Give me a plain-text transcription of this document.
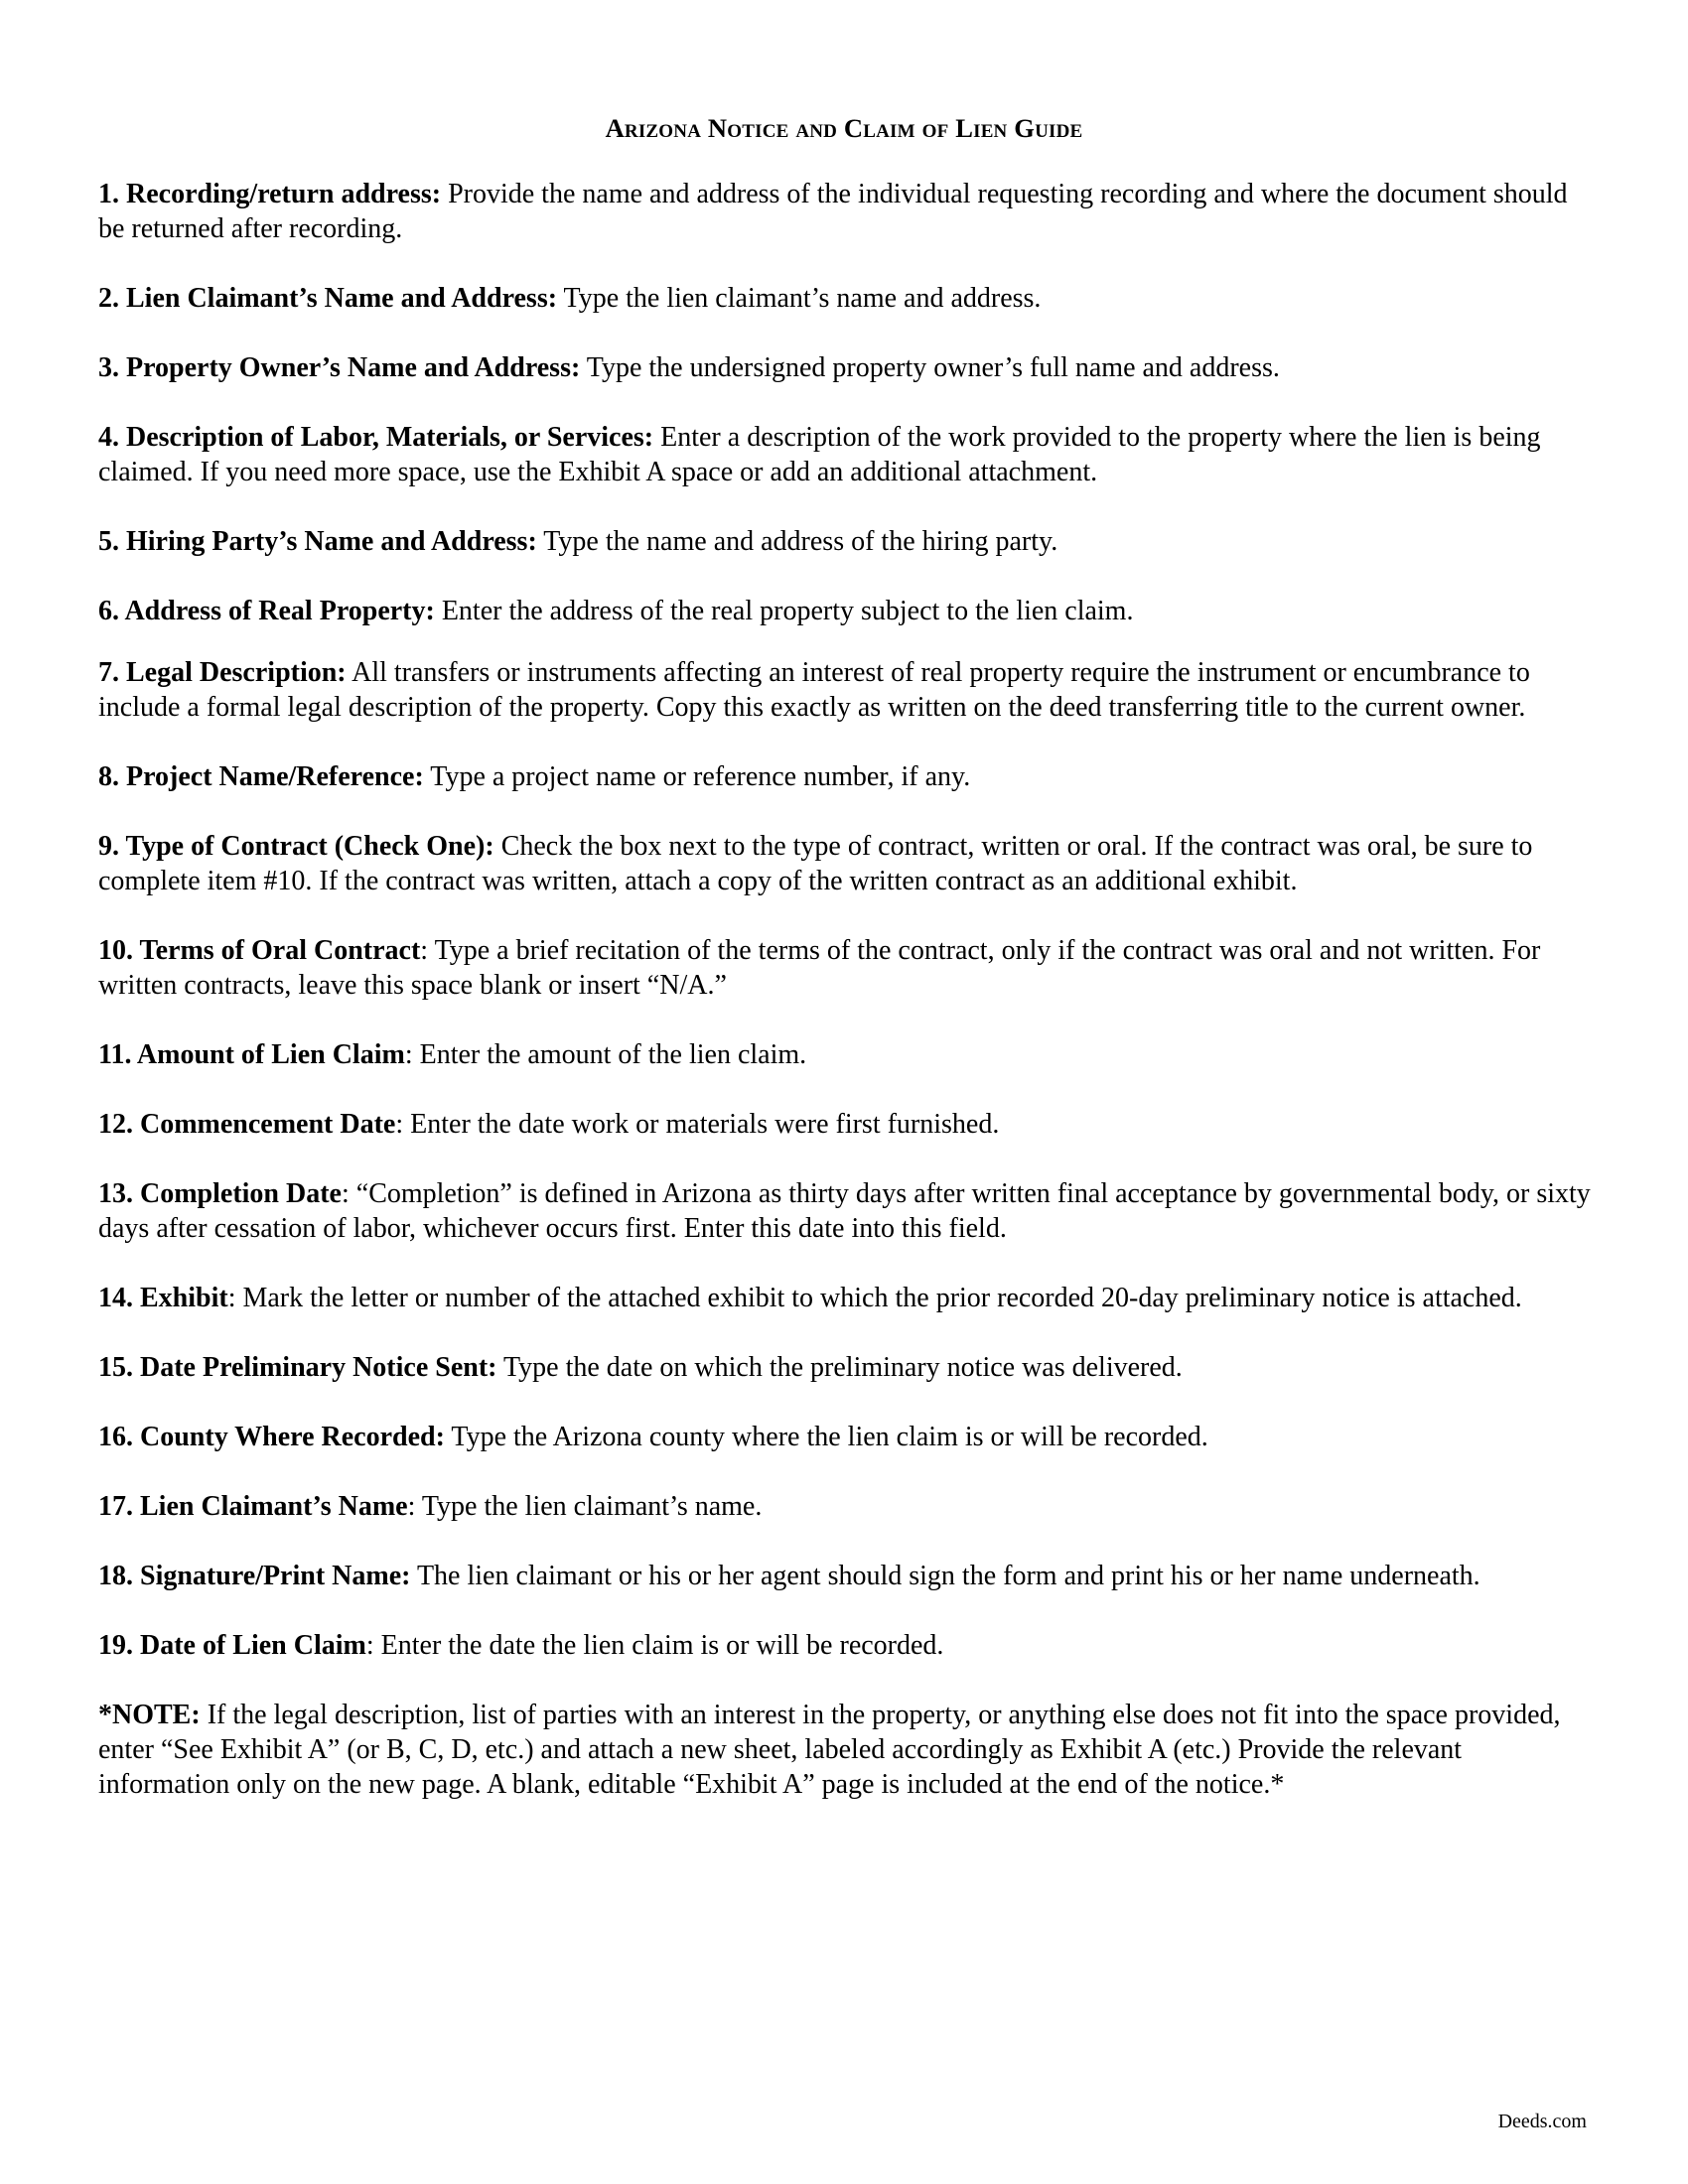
Arizona Notice and Claim of Lien Guide

1. Recording/return address: Provide the name and address of the individual requesting recording and where the document should be returned after recording.

2. Lien Claimant’s Name and Address: Type the lien claimant’s name and address.

3. Property Owner’s Name and Address: Type the undersigned property owner’s full name and address.

4. Description of Labor, Materials, or Services: Enter a description of the work provided to the property where the lien is being claimed. If you need more space, use the Exhibit A space or add an additional attachment.

5. Hiring Party’s Name and Address: Type the name and address of the hiring party.

6. Address of Real Property: Enter the address of the real property subject to the lien claim.

7. Legal Description: All transfers or instruments affecting an interest of real property require the instrument or encumbrance to include a formal legal description of the property. Copy this exactly as written on the deed transferring title to the current owner.

8. Project Name/Reference: Type a project name or reference number, if any.

9. Type of Contract (Check One): Check the box next to the type of contract, written or oral. If the contract was oral, be sure to complete item #10. If the contract was written, attach a copy of the written contract as an additional exhibit.

10. Terms of Oral Contract: Type a brief recitation of the terms of the contract, only if the contract was oral and not written. For written contracts, leave this space blank or insert “N/A.”

11. Amount of Lien Claim: Enter the amount of the lien claim.

12. Commencement Date: Enter the date work or materials were first furnished.

13. Completion Date: “Completion” is defined in Arizona as thirty days after written final acceptance by governmental body, or sixty days after cessation of labor, whichever occurs first. Enter this date into this field.

14. Exhibit: Mark the letter or number of the attached exhibit to which the prior recorded 20-day preliminary notice is attached.

15. Date Preliminary Notice Sent: Type the date on which the preliminary notice was delivered.

16. County Where Recorded: Type the Arizona county where the lien claim is or will be recorded.

17. Lien Claimant’s Name: Type the lien claimant’s name.

18. Signature/Print Name: The lien claimant or his or her agent should sign the form and print his or her name underneath.

19. Date of Lien Claim: Enter the date the lien claim is or will be recorded.

*NOTE: If the legal description, list of parties with an interest in the property, or anything else does not fit into the space provided, enter “See Exhibit A” (or B, C, D, etc.) and attach a new sheet, labeled accordingly as Exhibit A (etc.) Provide the relevant information only on the new page. A blank, editable “Exhibit A” page is included at the end of the notice.*

Deeds.com
